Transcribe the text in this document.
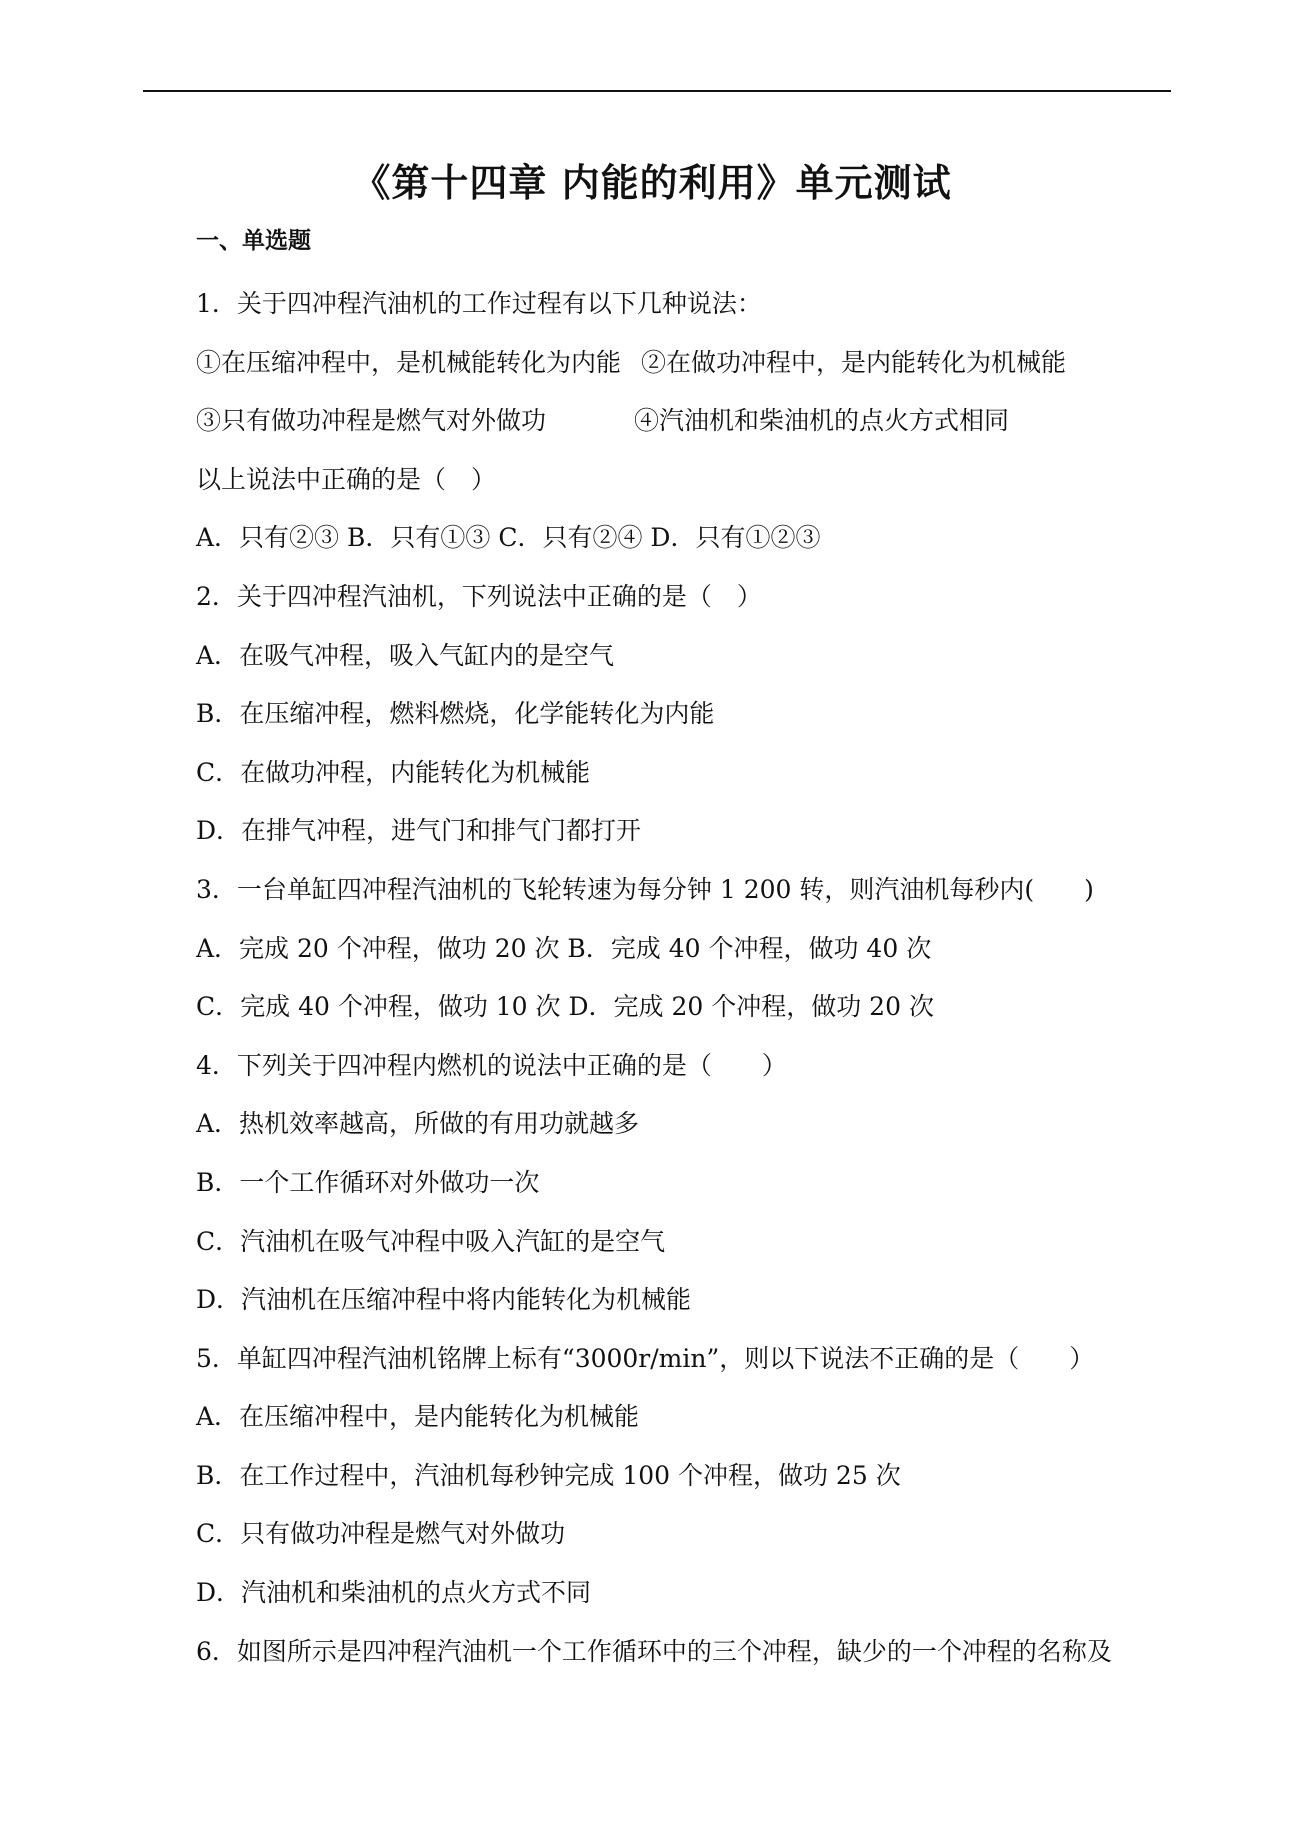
《第十四章 内能的利用》单元测试
一、单选题
1．关于四冲程汽油机的工作过程有以下几种说法：
①在压缩冲程中，是机械能转化为内能 ②在做功冲程中，是内能转化为机械能
③只有做功冲程是燃气对外做功	④汽油机和柴油机的点火方式相同
以上说法中正确的是（　）
A．只有②③ B．只有①③ C．只有②④ D．只有①②③
2．关于四冲程汽油机，下列说法中正确的是（　）
A．在吸气冲程，吸入气缸内的是空气
B．在压缩冲程，燃料燃烧，化学能转化为内能
C．在做功冲程，内能转化为机械能
D．在排气冲程，进气门和排气门都打开
3．一台单缸四冲程汽油机的飞轮转速为每分钟 1 200 转，则汽油机每秒内(　　)
A．完成 20 个冲程，做功 20 次 B．完成 40 个冲程，做功 40 次
C．完成 40 个冲程，做功 10 次 D．完成 20 个冲程，做功 20 次
4．下列关于四冲程内燃机的说法中正确的是（　　）
A．热机效率越高，所做的有用功就越多
B．一个工作循环对外做功一次
C．汽油机在吸气冲程中吸入汽缸的是空气
D．汽油机在压缩冲程中将内能转化为机械能
5．单缸四冲程汽油机铭牌上标有“3000r/min”，则以下说法不正确的是（　　）
A．在压缩冲程中，是内能转化为机械能
B．在工作过程中，汽油机每秒钟完成 100 个冲程，做功 25 次
C．只有做功冲程是燃气对外做功
D．汽油机和柴油机的点火方式不同
6．如图所示是四冲程汽油机一个工作循环中的三个冲程，缺少的一个冲程的名称及
